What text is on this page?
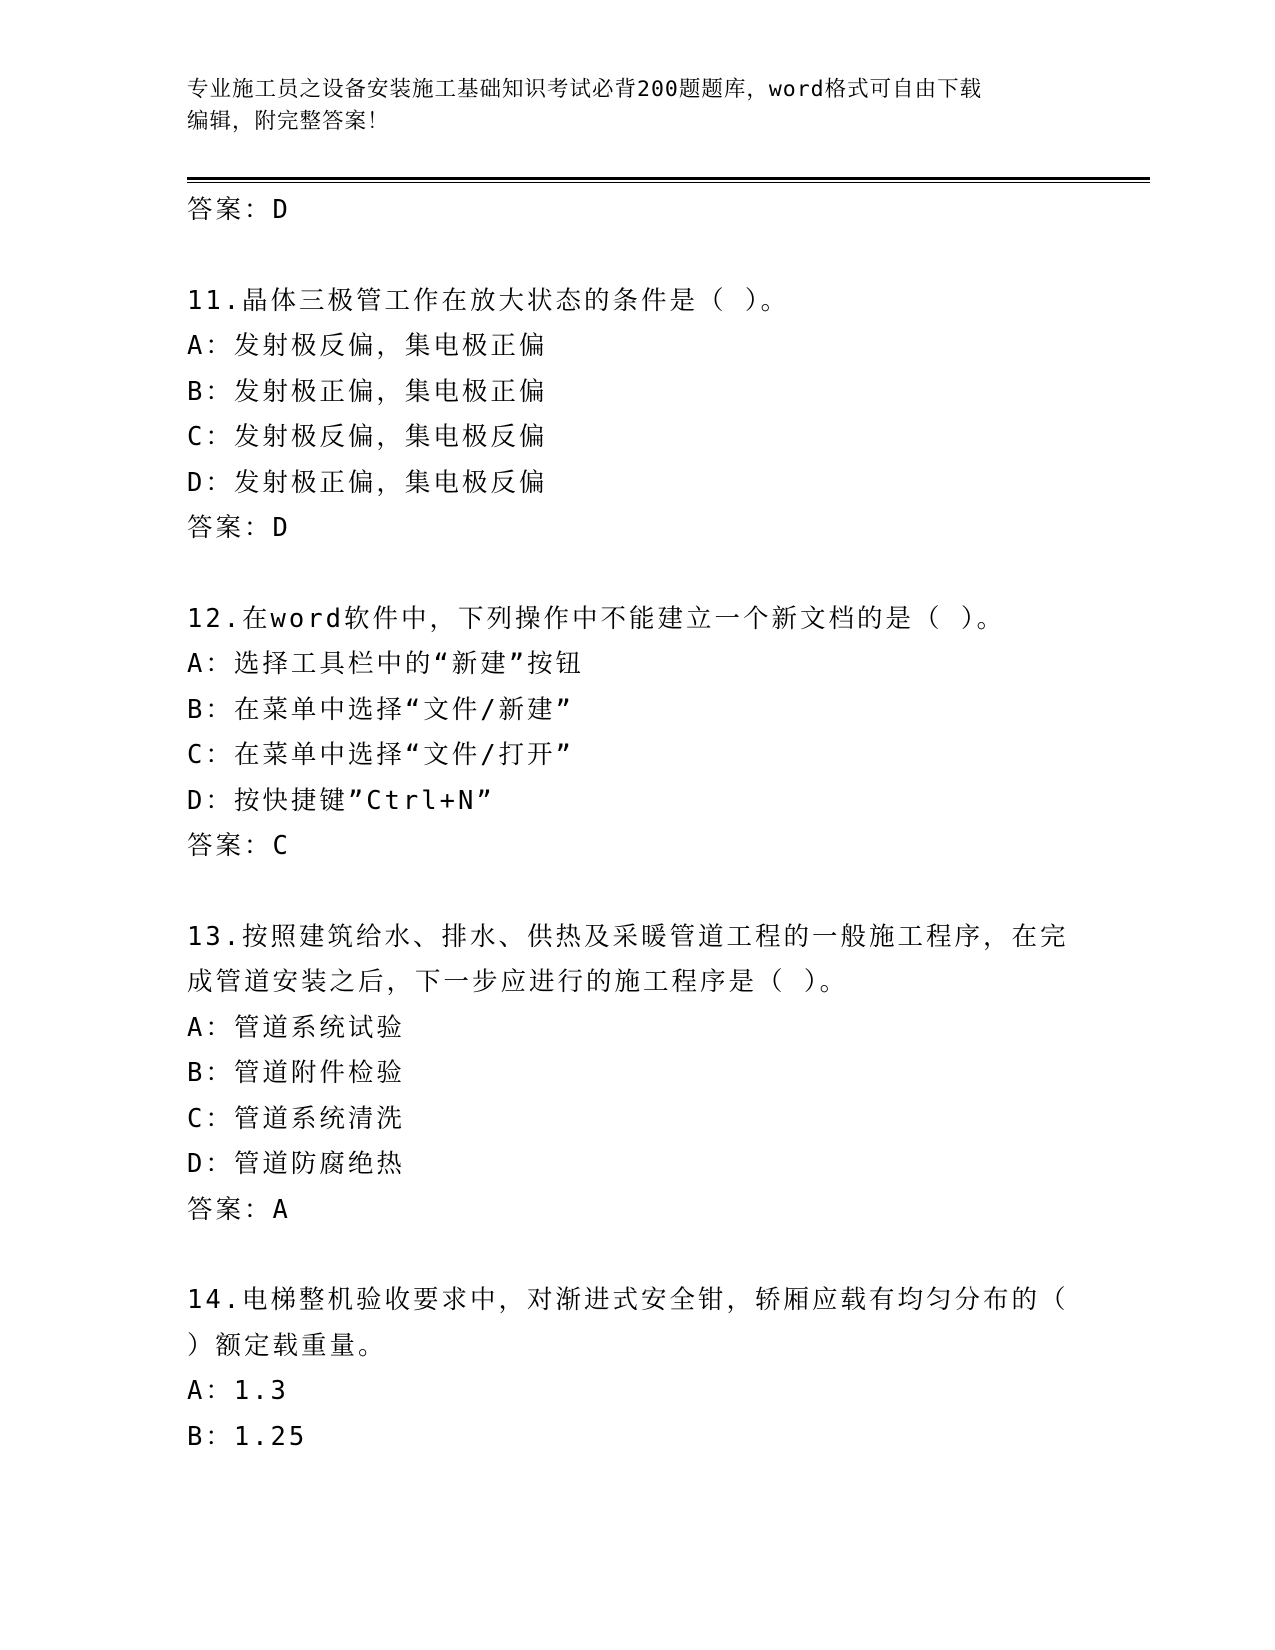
专业施工员之设备安装施工基础知识考试必背200题题库，word格式可自由下载
编辑，附完整答案！
答案：D
11.晶体三极管工作在放大状态的条件是（ ）。
A：发射极反偏，集电极正偏
B：发射极正偏，集电极正偏
C：发射极反偏，集电极反偏
D：发射极正偏，集电极反偏
答案：D
12.在word软件中，下列操作中不能建立一个新文档的是（ ）。
A：选择工具栏中的“新建”按钮
B：在菜单中选择“文件/新建”
C：在菜单中选择“文件/打开”
D：按快捷键”Ctrl+N”
答案：C
13.按照建筑给水、排水、供热及采暖管道工程的一般施工程序，在完
成管道安装之后，下一步应进行的施工程序是（ ）。
A：管道系统试验
B：管道附件检验
C：管道系统清洗
D：管道防腐绝热
答案：A
14.电梯整机验收要求中，对渐进式安全钳，轿厢应载有均匀分布的（
）额定载重量。
A：1.3
B：1.25
